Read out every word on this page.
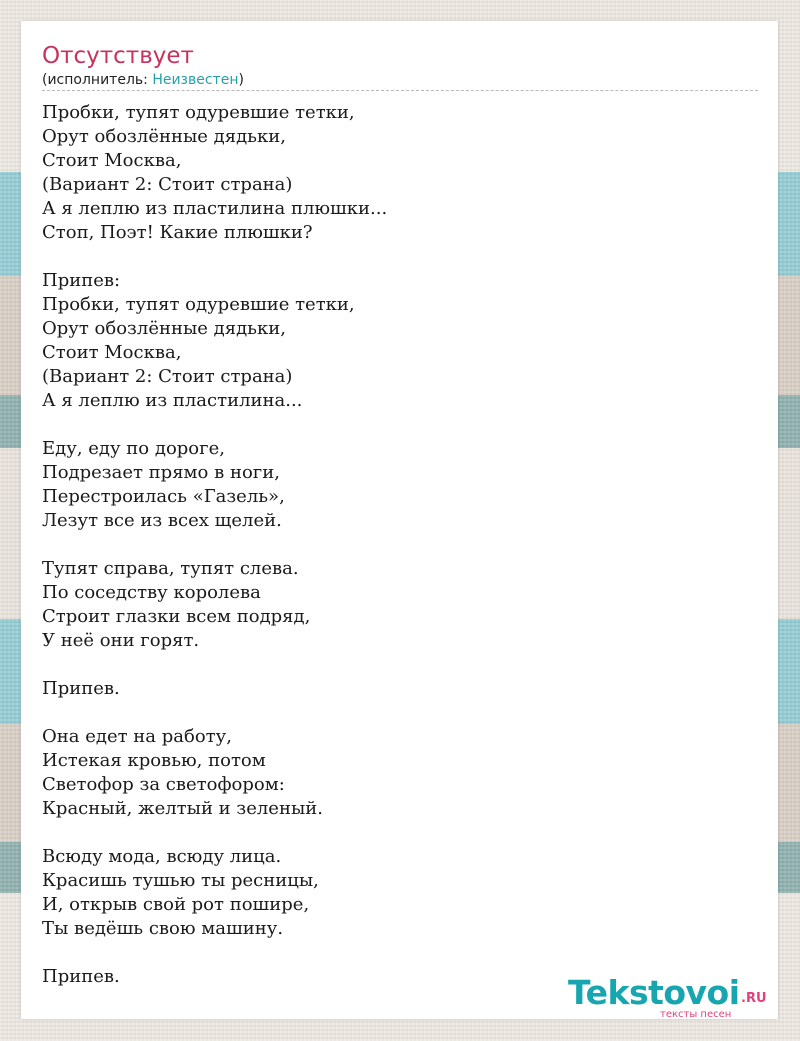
Отсутствует
(исполнитель: Неизвестен)
Пробки, тупят одуревшие тетки,
Орут обозлённые дядьки,
Стоит Москва,
(Вариант 2: Стоит страна)
А я леплю из пластилина плюшки...
Стоп, Поэт! Какие плюшки?

Припев:
Пробки, тупят одуревшие тетки,
Орут обозлённые дядьки,
Стоит Москва,
(Вариант 2: Стоит страна)
А я леплю из пластилина...

Еду, еду по дороге,
Подрезает прямо в ноги,
Перестроилась «Газель»,
Лезут все из всех щелей.

Тупят справа, тупят слева.
По соседству королева
Строит глазки всем подряд,
У неё они горят.

Припев.

Она едет на работу,
Истекая кровью, потом
Светофор за светофором:
Красный, желтый и зеленый.

Всюду мода, всюду лица.
Красишь тушью ты ресницы,
И, открыв свой рот пошире,
Ты ведёшь свою машину.

Припев.	Tekstovoi .RU
тексты песен
